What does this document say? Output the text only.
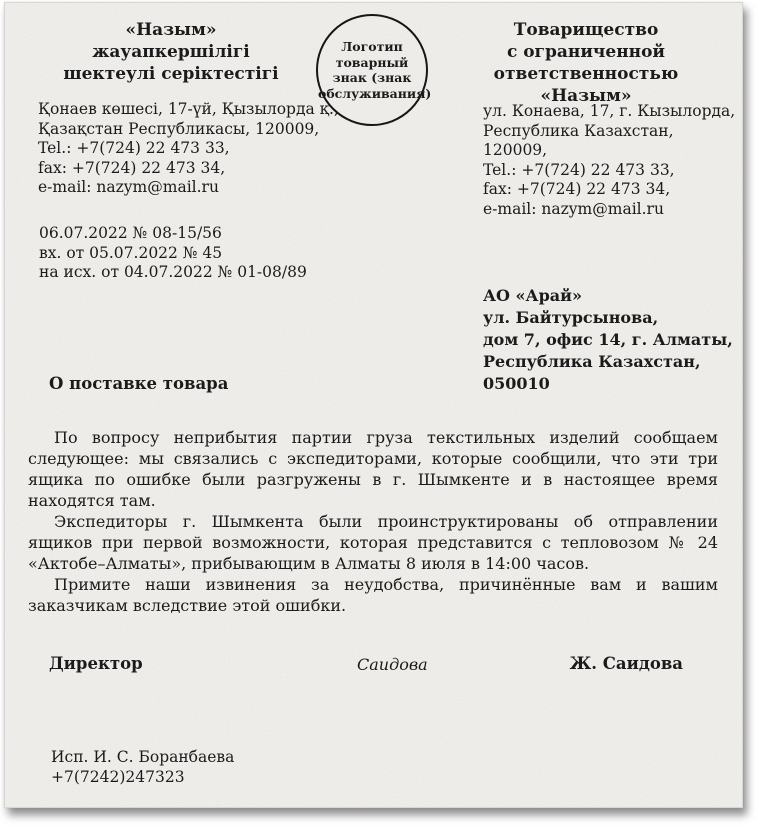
«Назым»
жауапкершілігі
шектеулі серіктестігі
Логотип
товарный
знак (знак
обслуживания)
Товарищество
с ограниченной ответственностью
«Назым»
Қонаев көшесі, 17-үй, Қызылорда қ.,
Қазақстан Республикасы, 120009,
Tel.: +7(724) 22 473 33,
fax: +7(724) 22 473 34,
e-mail: nazym@mail.ru
ул. Конаева, 17, г. Кызылорда,
Республика Казахстан, 120009,
Tel.: +7(724) 22 473 33,
fax: +7(724) 22 473 34,
e-mail: nazym@mail.ru
06.07.2022 № 08-15/56
вх. от 05.07.2022 № 45
на исх. от 04.07.2022 № 01-08/89
АО «Арай»
ул. Байтурсынова,
дом 7, офис 14, г. Алматы,
Республика Казахстан, 050010
О поставке товара

По вопросу неприбытия партии груза текстильных изделий сообщаем следующее: мы связались с экспедиторами, которые сообщили, что эти три ящика по ошибке были разгружены в г. Шымкенте и в настоящее время находятся там.

Экспедиторы г. Шымкента были проинструктированы об отправлении ящиков при первой возможности, которая представится с тепловозом № 24 «Актобе–Алматы», прибывающим в Алматы 8 июля в 14:00 часов.

Примите наши извинения за неудобства, причинённые вам и вашим заказчикам вследствие этой ошибки.

Директор	Саидова	Ж. Саидова
Исп. И. С. Боранбаева
+7(7242)247323
